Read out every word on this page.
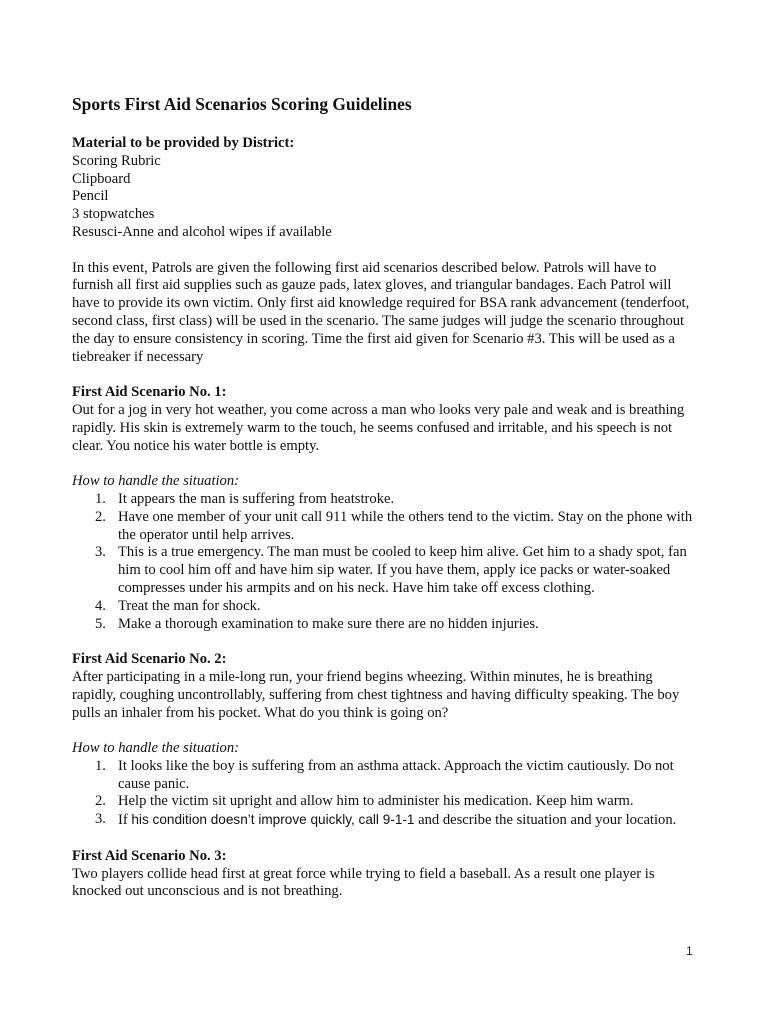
Sports First Aid Scenarios Scoring Guidelines

Material to be provided by District:

Scoring Rubric

Clipboard

Pencil

3 stopwatches

Resusci-Anne and alcohol wipes if available

In this event, Patrols are given the following first aid scenarios described below. Patrols will have to furnish all first aid supplies such as gauze pads, latex gloves, and triangular bandages. Each Patrol will have to provide its own victim. Only first aid knowledge required for BSA rank advancement (tenderfoot, second class, first class) will be used in the scenario. The same judges will judge the scenario throughout the day to ensure consistency in scoring. Time the first aid given for Scenario #3. This will be used as a tiebreaker if necessary

First Aid Scenario No. 1:

Out for a jog in very hot weather, you come across a man who looks very pale and weak and is breathing rapidly. His skin is extremely warm to the touch, he seems confused and irritable, and his speech is not clear. You notice his water bottle is empty.

How to handle the situation:

1. It appears the man is suffering from heatstroke.
2. Have one member of your unit call 911 while the others tend to the victim. Stay on the phone with the operator until help arrives.
3. This is a true emergency. The man must be cooled to keep him alive. Get him to a shady spot, fan him to cool him off and have him sip water. If you have them, apply ice packs or water-soaked compresses under his armpits and on his neck. Have him take off excess clothing.
4. Treat the man for shock.
5. Make a thorough examination to make sure there are no hidden injuries.

First Aid Scenario No. 2:

After participating in a mile-long run, your friend begins wheezing. Within minutes, he is breathing rapidly, coughing uncontrollably, suffering from chest tightness and having difficulty speaking. The boy pulls an inhaler from his pocket. What do you think is going on?

How to handle the situation:

1. It looks like the boy is suffering from an asthma attack. Approach the victim cautiously. Do not cause panic.
2. Help the victim sit upright and allow him to administer his medication. Keep him warm.
3. If his condition doesn’t improve quickly, call 9-1-1 and describe the situation and your location.

First Aid Scenario No. 3:

Two players collide head first at great force while trying to field a baseball. As a result one player is knocked out unconscious and is not breathing.

1
